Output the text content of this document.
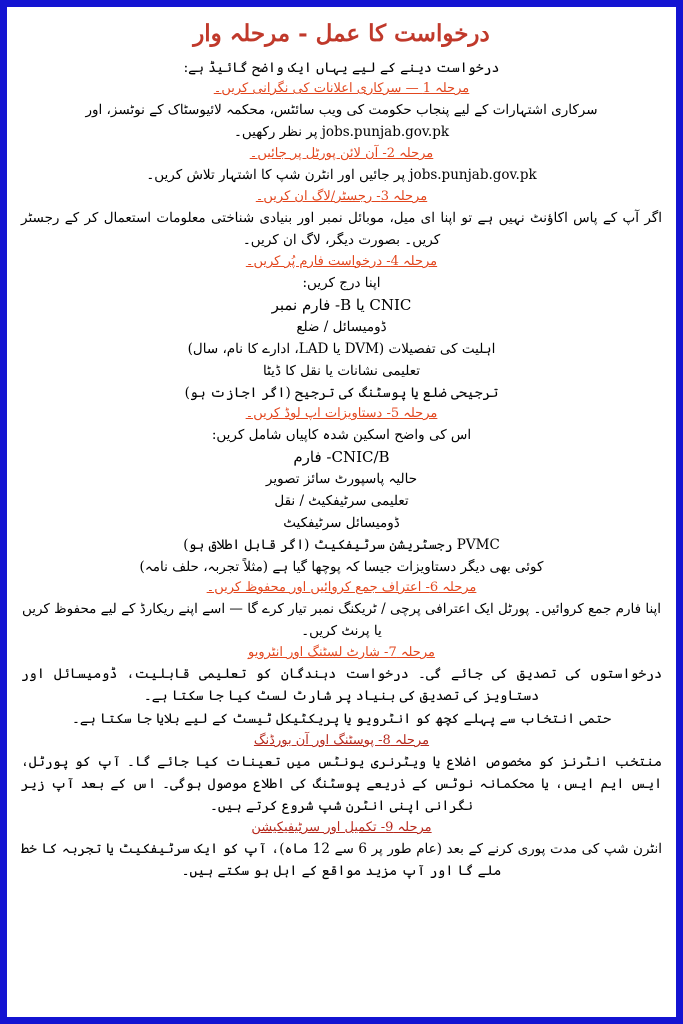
درخواست کا عمل - مرحلہ وار

درخواست دینے کے لیے یہاں ایک واضح گائیڈ ہے:

مرحلہ 1 — سرکاری اعلانات کی نگرانی کریں۔

سرکاری اشتہارات کے لیے پنجاب حکومت کی ویب سائٹس، محکمہ لائیوسٹاک کے نوٹسز، اور jobs.punjab.gov.pk پر نظر رکھیں۔

مرحلہ 2- آن لائن پورٹل پر جائیں۔

jobs.punjab.gov.pk پر جائیں اور انٹرن شپ کا اشتہار تلاش کریں۔

مرحلہ 3- رجسٹر/لاگ ان کریں۔

اگر آپ کے پاس اکاؤنٹ نہیں ہے تو اپنا ای میل، موبائل نمبر اور بنیادی شناختی معلومات استعمال کر کے رجسٹر کریں۔ بصورت دیگر، لاگ ان کریں۔

مرحلہ 4- درخواست فارم پُر کریں۔

اپنا درج کریں:

CNIC یا B- فارم نمبر

ڈومیسائل / ضلع

اہلیت کی تفصیلات (DVM یا LAD، ادارے کا نام، سال)

تعلیمی نشانات یا نقل کا ڈیٹا

ترجیحی ضلع یا پوسٹنگ کی ترجیح (اگر اجازت ہو)

مرحلہ 5- دستاویزات اپ لوڈ کریں۔

اس کی واضح اسکین شدہ کاپیاں شامل کریں:

CNIC/B- فارم

حالیہ پاسپورٹ سائز تصویر

تعلیمی سرٹیفکیٹ / نقل

ڈومیسائل سرٹیفکیٹ

PVMC رجسٹریشن سرٹیفکیٹ (اگر قابل اطلاق ہو)

کوئی بھی دیگر دستاویزات جیسا کہ پوچھا گیا ہے (مثلاً تجربہ، حلف نامہ)

مرحلہ 6- اعتراف جمع کروائیں اور محفوظ کریں۔

اپنا فارم جمع کروائیں۔ پورٹل ایک اعترافی پرچی / ٹریکنگ نمبر تیار کرے گا — اسے اپنے ریکارڈ کے لیے محفوظ کریں یا پرنٹ کریں۔

مرحلہ 7- شارٹ لسٹنگ اور انٹرویو

درخواستوں کی تصدیق کی جائے گی۔ درخواست دہندگان کو تعلیمی قابلیت، ڈومیسائل اور دستاویز کی تصدیق کی بنیاد پر شارٹ لسٹ کیا جا سکتا ہے۔

حتمی انتخاب سے پہلے کچھ کو انٹرویو یا پریکٹیکل ٹیسٹ کے لیے بلایا جا سکتا ہے۔

مرحلہ 8- پوسٹنگ اور آن بورڈنگ

منتخب انٹرنز کو مخصوص اضلاع یا ویٹرنری یونٹس میں تعینات کیا جائے گا۔ آپ کو پورٹل، ایس ایم ایس، یا محکمانہ نوٹس کے ذریعے پوسٹنگ کی اطلاع موصول ہوگی۔ اس کے بعد آپ زیر نگرانی اپنی انٹرن شپ شروع کرتے ہیں۔

مرحلہ 9- تکمیل اور سرٹیفیکیشن

انٹرن شپ کی مدت پوری کرنے کے بعد (عام طور پر 6 سے 12 ماہ)، آپ کو ایک سرٹیفکیٹ یا تجربہ کا خط ملے گا اور آپ مزید مواقع کے اہل ہو سکتے ہیں۔
